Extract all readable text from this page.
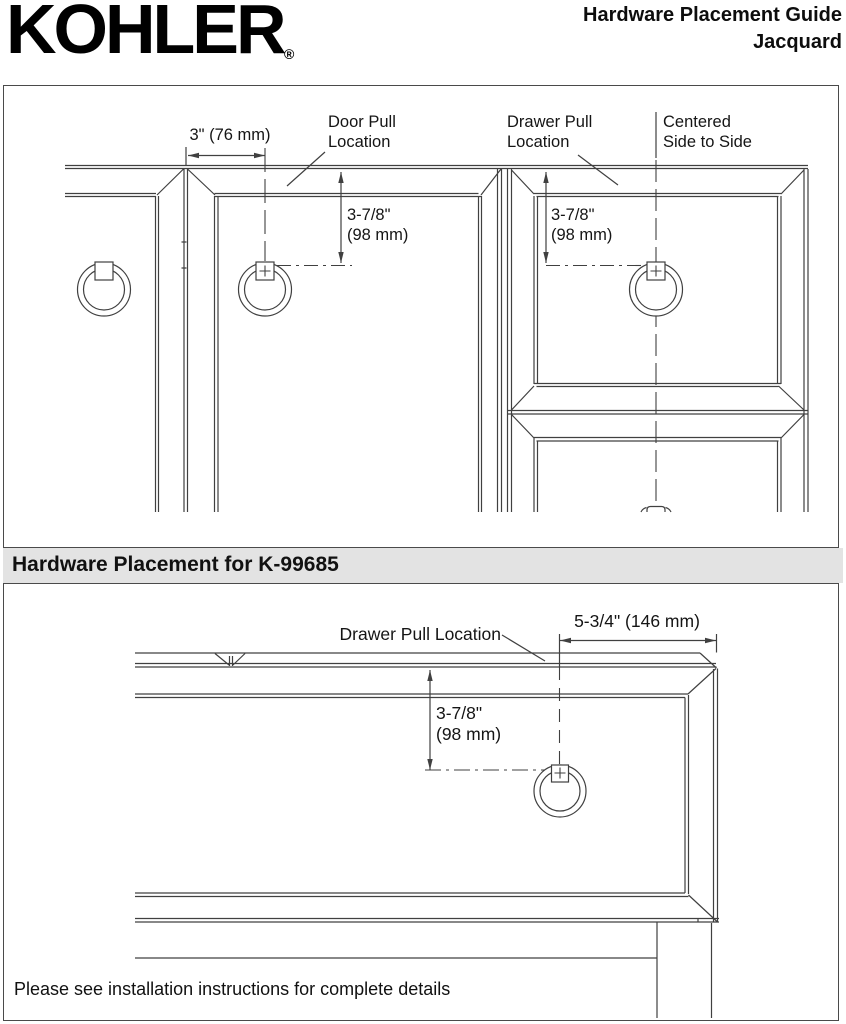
KOHLER ®
Hardware Placement Guide
Jacquard
Hardware Placement for K-99685
3" (76 mm)
Door Pull
Location
Drawer Pull
Location
Centered
Side to Side
3-7/8"
(98 mm)
3-7/8"
(98 mm)
Drawer Pull Location
5-3/4" (146 mm)
3-7/8"
(98 mm)
Please see installation instructions for complete details
